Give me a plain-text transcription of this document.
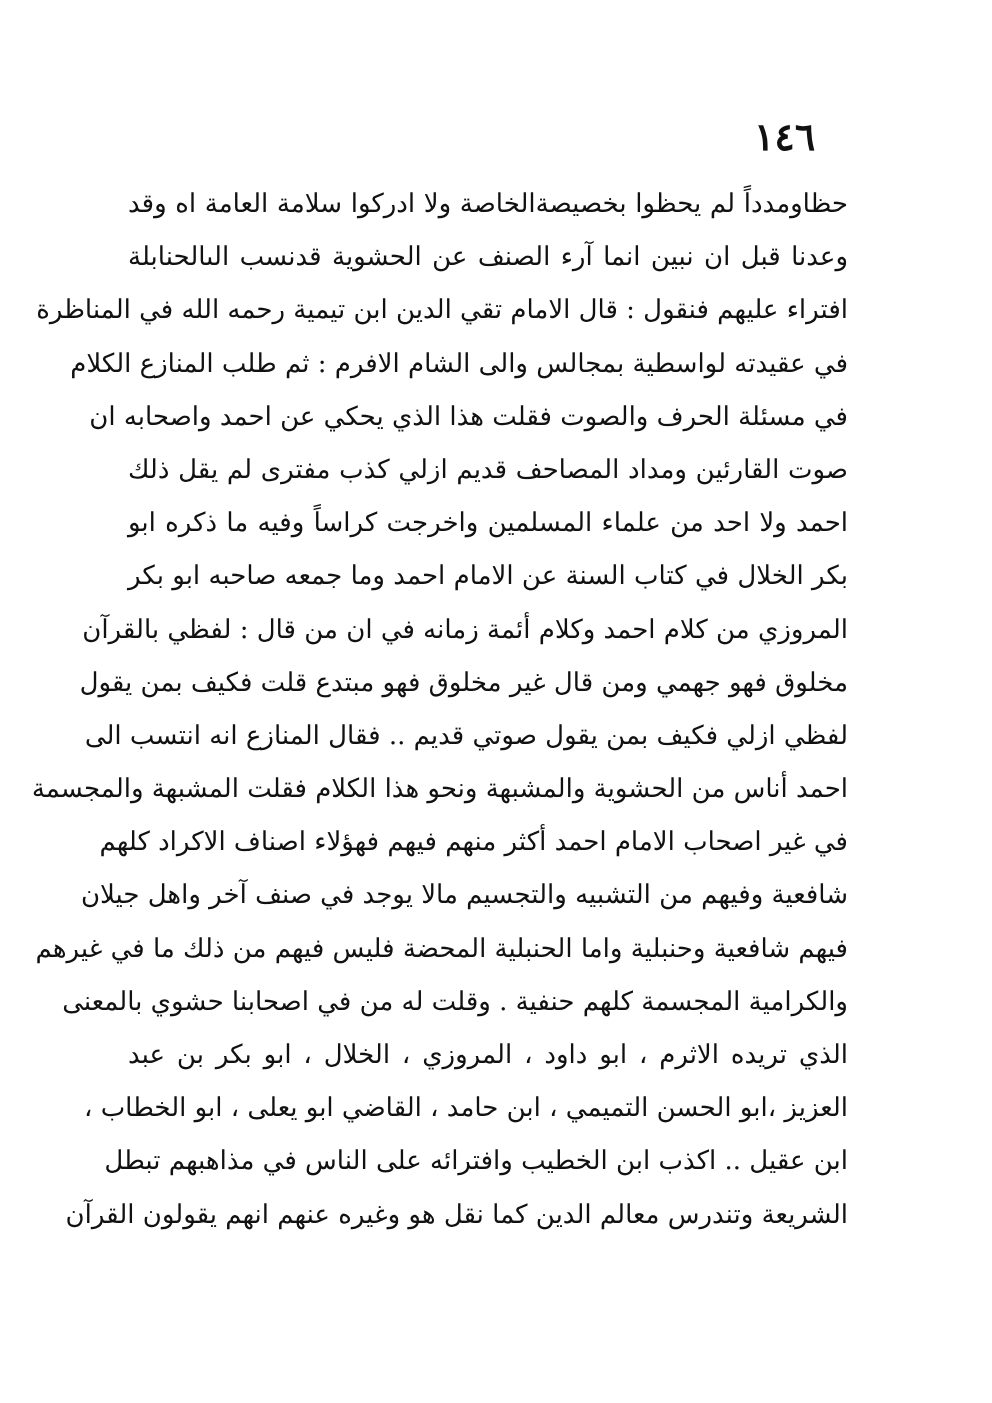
١٤٦
حظاومدداً لم يحظوا بخصيصةالخاصة ولا ادركوا سلامة العامة اه وقد
وعدنا قبل ان نبين انما آرء الصنف عن الحشوية قدنسب الىالحنابلة
افتراء عليهم فنقول : قال الامام تقي الدين ابن تيمية رحمه الله في المناظرة
في عقيدته لواسطية بمجالس والى الشام الافرم : ثم طلب المنازع الكلام
في مسئلة الحرف والصوت فقلت هذا الذي يحكي عن احمد واصحابه ان
صوت القارئين ومداد المصاحف قديم ازلي كذب مفترى لم يقل ذلك
احمد ولا احد من علماء المسلمين واخرجت كراساً وفيه ما ذكره ابو
بكر الخلال في كتاب السنة عن الامام احمد وما جمعه صاحبه ابو بكر
المروزي من كلام احمد وكلام أئمة زمانه في ان من قال : لفظي بالقرآن
مخلوق فهو جهمي ومن قال غير مخلوق فهو مبتدع قلت فكيف بمن يقول
لفظي ازلي فكيف بمن يقول صوتي قديم .. فقال المنازع انه انتسب الى
احمد أناس من الحشوية والمشبهة ونحو هذا الكلام فقلت المشبهة والمجسمة
في غير اصحاب الامام احمد أكثر منهم فيهم فهؤلاء اصناف الاكراد كلهم
شافعية وفيهم من التشبيه والتجسيم مالا يوجد في صنف آخر واهل جيلان
فيهم شافعية وحنبلية واما الحنبلية المحضة فليس فيهم من ذلك ما في غيرهم
والكرامية المجسمة كلهم حنفية . وقلت له من في اصحابنا حشوي بالمعنى
الذي تريده الاثرم ، ابو داود ، المروزي ، الخلال ، ابو بكر بن عبد
العزيز ،ابو الحسن التميمي ، ابن حامد ، القاضي ابو يعلى ، ابو الخطاب ،
ابن عقيل .. اكذب ابن الخطيب وافترائه على الناس في مذاهبهم تبطل
الشريعة وتندرس معالم الدين كما نقل هو وغيره عنهم انهم يقولون القرآن
